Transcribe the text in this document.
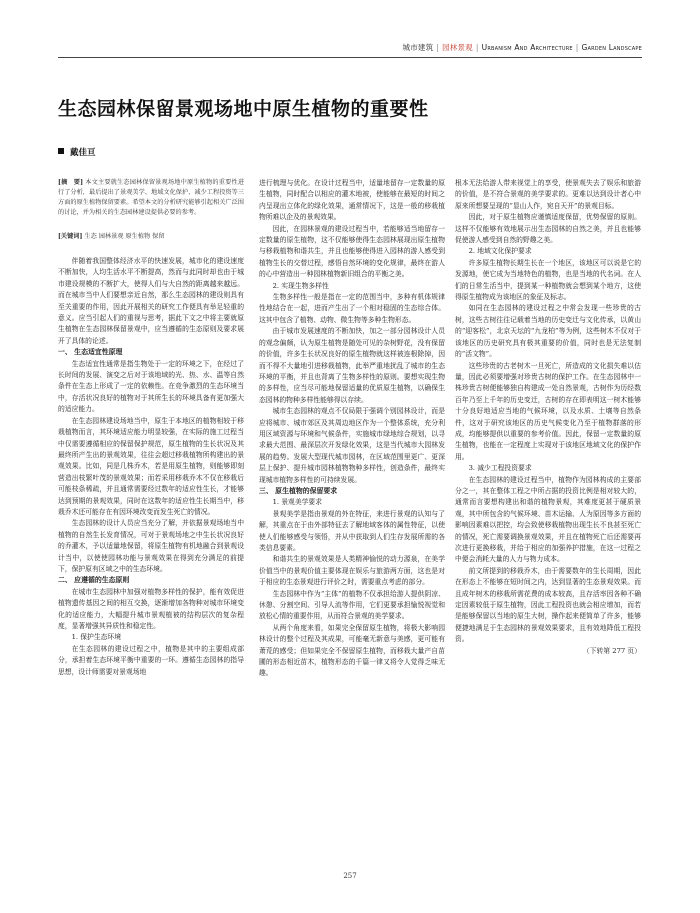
城市建筑 | 园林景观 | Urbanism And Architecture | Garden Landscape
生态园林保留景观场地中原生植物的重要性
戴佳亘

[摘　要] 本文主要就生态园林保留景观场地中原生植物的重要性进行了分析，最后提出了景观美学、地域文化保护、减少工程投资等三方面的原生植物保留要素。希望本文的分析研究能够引起相关广泛围的讨论，并为相关的生态园林建设提供必要的参考。

[关键词] 生态 园林景观 原生植物 保留

伴随着我国整体经济水平的快速发展，城市化的建设速度不断加快，人均生活水平不断提高，然而与此同时却也由于城市建设规模的不断扩大，使得人们与大自然的距离越来越远。而在城市当中人们要想亲近自然，那么生态园林的建设则具有至关重要的作用，因此开展相关的研究工作便具有举足轻重的意义。应当引起人们的重视与思考，据此下文之中将主要就原生植物在生态园林保留景观中，应当遵循的生态原则及要求展开了具体的论述。

一、 生态适宜性原理

生态适宜性通常是指生物处于一定的环境之下，在经过了长时间的发展、演变之后对于该地域的光、热、水、温等自然条件在生态上形成了一定的依赖性。在竞争激烈的生态环境当中，存活状况良好的植物对于其所生长的环境具备有更加强大的适应能力。

在生态园林建设场地当中，原生于本地区的植物相较于移栽植物而言，其环境适应能力明显较强，在实际的施工过程当中仅需要遵循相应的保留保护规范，原生植物的生长状况及其最终所产生出的景观效果，往往会超过移栽植物所构建出的景观效果。比如，同是几株乔木，若是用原生植物，则能够即刻营造出枝繁叶茂的景观效果；而若采用移栽乔木不仅在移栽后可能枝条稀疏，并且通常需要经过数年的适应性生长，才能够达到预期的景观效果，同时在这数年的适应性生长期当中，移栽乔木还可能存在有因环境改变而发生死亡的情况。

生态园林的设计人员应当充分了解，并依据景观场地当中植物的自然生长发育情况，可对于景观场地之中生长状况良好的乔灌木，予以适量地保留，将原生植物有机地融合到景观设计当中，以使使园林功能与景观效果在得到充分满足的前提下，保护原有区域之中的生态环境。

二、 应遵循的生态原则

在城市生态园林中加强对植物多样性的保护，能有效促进植物遗传基因之间的相互交换，逐渐增加各物种对城市环境变化的适应能力，大幅提升城市景观植被的结构层次的复杂程度，显著增强其异质性和稳定性。

1. 保护生态环境

在生态园林的建设过程之中，植物是其中的主要组成部分，承担着生态环境平衡中重要的一环。遵循生态园林的指导思想，设计师需要对景观场地

进行梳理与优化。在设计过程当中，适量地留存一定数量的原生植物，同时配合以相应的灌木地被，使能够在最短的时间之内呈现出立体化的绿化效果，通常情况下，这是一般的移栽植物所难以企及的景观效果。

因此，在园林景观的建设过程当中，若能够适当地留存一定数量的原生植物，这不仅能够使得生态园林展现出原生植物与移栽植物和谐共生，并且也能够使得进入园林的游人感受到植物生长的交替过程，感悟自然环境的变化规律，最终在游人的心中营造出一种园林植物新旧组合的平衡之美。

2. 实现生物多样性

生物多样性一般是指在一定的范围当中，多种有机体规律性地结合在一起，进而产生出了一个相对稳固的生态综合体。这其中包含了植物、动物、微生物等多种生物形态。

由于城市发展速度的不断加快，加之一部分园林设计人员的观念偏颇，认为原生植物是随处可见的杂树野花，没有保留的价值，许多生长状况良好的原生植物就这样被连根除掉，因而不得不大量地引进移栽植物，此举严重地扰乱了城市的生态环境的平衡，并且也背离了生物多样性的原则。要想实现生物的多样性，应当尽可能地保留适量的优质原生植物，以确保生态园林的物种多样性能够得以存续。

城市生态园林的观点不仅局限于强调个别园林设计，而是应将城市、城市郊区及其周边地区作为一个整体系统，充分利用区域资源与环境和气候条件，实施城市绿地综合规划，以寻求最大范围、最深层次开发绿化效果，这是当代城市大园林发展的趋势。发展大型现代城市园林，在区域范围里更广、更深层上保护、提升城市园林植物物种多样性，创造条件，最终实现城市植物多样性的可持续发展。

三、 原生植物的保留要求

1. 景观美学要求

景观美学是指由景观的外在特征，来进行景观的认知与了解，其重点在于由外部特征去了解地域客体的属性特征，以使使人们能够感受与领悟，并从中获取到人们生存发展所需的各类信息要素。

和谐共生的景观效果是人类精神愉悦的动力源泉，在美学价值当中的景观价值主要体现在娱乐与旅游两方面，这也是对于相应的生态景观进行评价之时，需要重点考虑的部分。

生态园林中作为“主体”的植物不仅承担给游人提供阴凉、休憩、分割空间、引导人流等作用，它们更要承担愉悦视觉和放松心情的重要作用，从而符合景观的美学要求。

从两个角度来看，如果完全保留原生植物，将极大影响园林设计的整个过程及其成果，可能毫无新意与美感，更可能有萧荒的感受；但如果完全不保留原生植物，而移栽大量产自苗圃的形态相近苗木，植物形态的千篇一律又将令人觉得乏味无趣。

根本无法给游人带来视觉上的享受，使景观失去了娱乐和旅游的价值，是不符合景观的美学要求的。更难以达到设计者心中原来所想要呈现的“显山人作，宛自天开”的景观目标。

因此，对于原生植物应谨慎适度保留，优势保留的原则。这样不仅能够有效地展示出生态园林的自然之美，并且也能够促使游人感受到自然的野趣之美。

2. 地域文化保护要求

许多原生植物长期生长在一个地区，该地区可以说是它的发源地，使它成为当地特色的植物，也是当地的代名词。在人们的日常生活当中，提到某一种植物就会想到某个地方，这使得原生植物成为该地区的象征及标志。

如同在生态园林的建设过程之中常会发现一些珍贵的古树，这些古树往往记载着当地的历史变迁与文化传承，以黄山的“迎客松”，北京天坛的“九龙柏”等为例，这些树木不仅对于该地区的历史研究具有极其重要的价值，同时也是无法复制的“活文物”。

这些珍贵的古老树木一旦死亡，所造成的文化损失难以估量，因此必须要增强对珍贵古树的保护工作。在生态园林中一株珍贵古树便能够独自构建成一处自然景观，古树作为历经数百年乃至上千年的历史变迁，古树的存在即表明这一树木能够十分良好地适应当地的气候环境，以及水质、土壤等自然条件，这对于研究该地区的历史气候变化乃至于植物群落的形成，均能够提供以重要的参考价值。因此，保留一定数量的原生植物，也能在一定程度上实现对于该地区地域文化的保护作用。

3. 减少工程投资要求

在生态园林的建设过程当中，植物作为园林构成的主要部分之一，其在整体工程之中所占据的投资比例是相对较大的，通常而言要想构建出和谐的植物景观，其难度更甚于硬质景观，其中所包含的气候环境、苗木运输、人为原因等多方面的影响因素难以把控，均会致使移栽植物出现生长不良甚至死亡的情况，死亡需要调换景观效果，并且在植物死亡后还需要再次进行更换移栽，并给于相应的加强养护措施，在这一过程之中便会消耗大量的人力与物力成本。

前文所提到的移栽乔木，由于需要数年的生长周期，因此在形态上不能够在短时间之内，达到显著的生态景观效果。而且成年树木的移栽所需花费的成本较高，且存活率因各种不确定因素较低于原生植物，因此工程投资也就会相应增加，而若是能够保留以当地的原生大树，操作起来便简单了许多，能够便捷地满足于生态园林的景观效果要求，且有效地降低工程投资。

（下转第 277 页）

257
